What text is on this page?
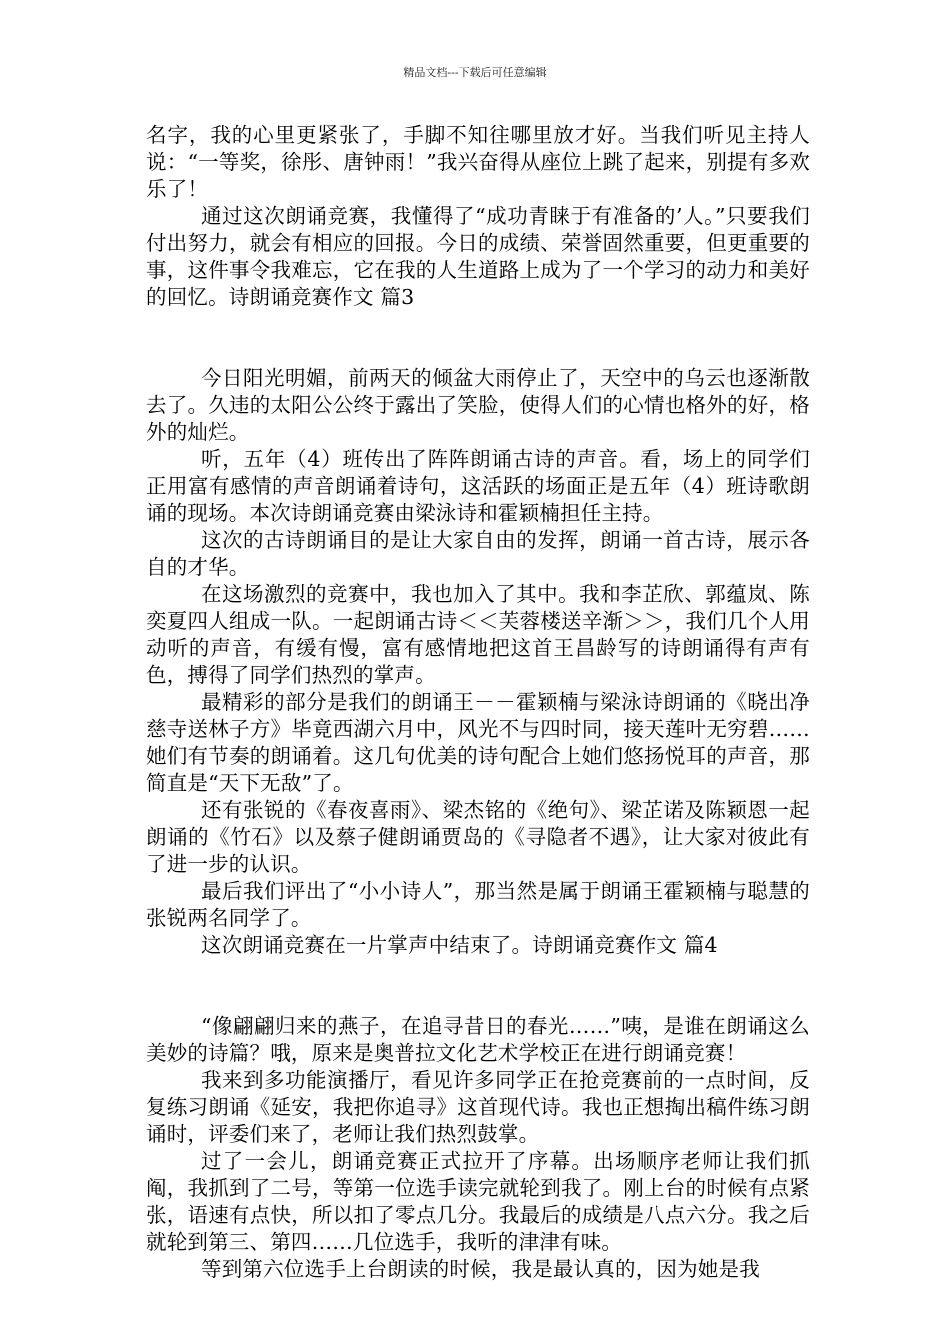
精品文档---下载后可任意编辑

名字，我的心里更紧张了，手脚不知往哪里放才好。当我们听见主持人说：“一等奖，徐彤、唐钟雨！”我兴奋得从座位上跳了起来，别提有多欢乐了！

通过这次朗诵竞赛，我懂得了“成功青睐于有准备的’人。”只要我们付出努力，就会有相应的回报。今日的成绩、荣誉固然重要，但更重要的事，这件事令我难忘，它在我的人生道路上成为了一个学习的动力和美好的回忆。诗朗诵竞赛作文 篇3

今日阳光明媚，前两天的倾盆大雨停止了，天空中的乌云也逐渐散去了。久违的太阳公公终于露出了笑脸，使得人们的心情也格外的好，格外的灿烂。

听，五年（4）班传出了阵阵朗诵古诗的声音。看，场上的同学们正用富有感情的声音朗诵着诗句，这活跃的场面正是五年（4）班诗歌朗诵的现场。本次诗朗诵竞赛由梁泳诗和霍颖楠担任主持。

这次的古诗朗诵目的是让大家自由的发挥，朗诵一首古诗，展示各自的才华。

在这场激烈的竞赛中，我也加入了其中。我和李芷欣、郭蕴岚、陈奕夏四人组成一队。一起朗诵古诗＜＜芙蓉楼送辛渐＞＞，我们几个人用动听的声音，有缓有慢，富有感情地把这首王昌龄写的诗朗诵得有声有色，搏得了同学们热烈的掌声。

最精彩的部分是我们的朗诵王－－霍颖楠与梁泳诗朗诵的《晓出净慈寺送林子方》毕竟西湖六月中，风光不与四时同，接天莲叶无穷碧……她们有节奏的朗诵着。这几句优美的诗句配合上她们悠扬悦耳的声音，那简直是“天下无敌”了。

还有张锐的《春夜喜雨》、梁杰铭的《绝句》、梁芷诺及陈颖恩一起朗诵的《竹石》以及蔡子健朗诵贾岛的《寻隐者不遇》，让大家对彼此有了进一步的认识。

最后我们评出了“小小诗人”，那当然是属于朗诵王霍颖楠与聪慧的张锐两名同学了。

这次朗诵竞赛在一片掌声中结束了。诗朗诵竞赛作文 篇4

“像翩翩归来的燕子，在追寻昔日的春光……”咦，是谁在朗诵这么美妙的诗篇？哦，原来是奥普拉文化艺术学校正在进行朗诵竞赛！

我来到多功能演播厅，看见许多同学正在抢竞赛前的一点时间，反复练习朗诵《延安，我把你追寻》这首现代诗。我也正想掏出稿件练习朗诵时，评委们来了，老师让我们热烈鼓掌。

过了一会儿，朗诵竞赛正式拉开了序幕。出场顺序老师让我们抓阄，我抓到了二号，等第一位选手读完就轮到我了。刚上台的时候有点紧张，语速有点快，所以扣了零点几分。我最后的成绩是八点六分。我之后就轮到第三、第四……几位选手，我听的津津有味。

等到第六位选手上台朗读的时候，我是最认真的，因为她是我
